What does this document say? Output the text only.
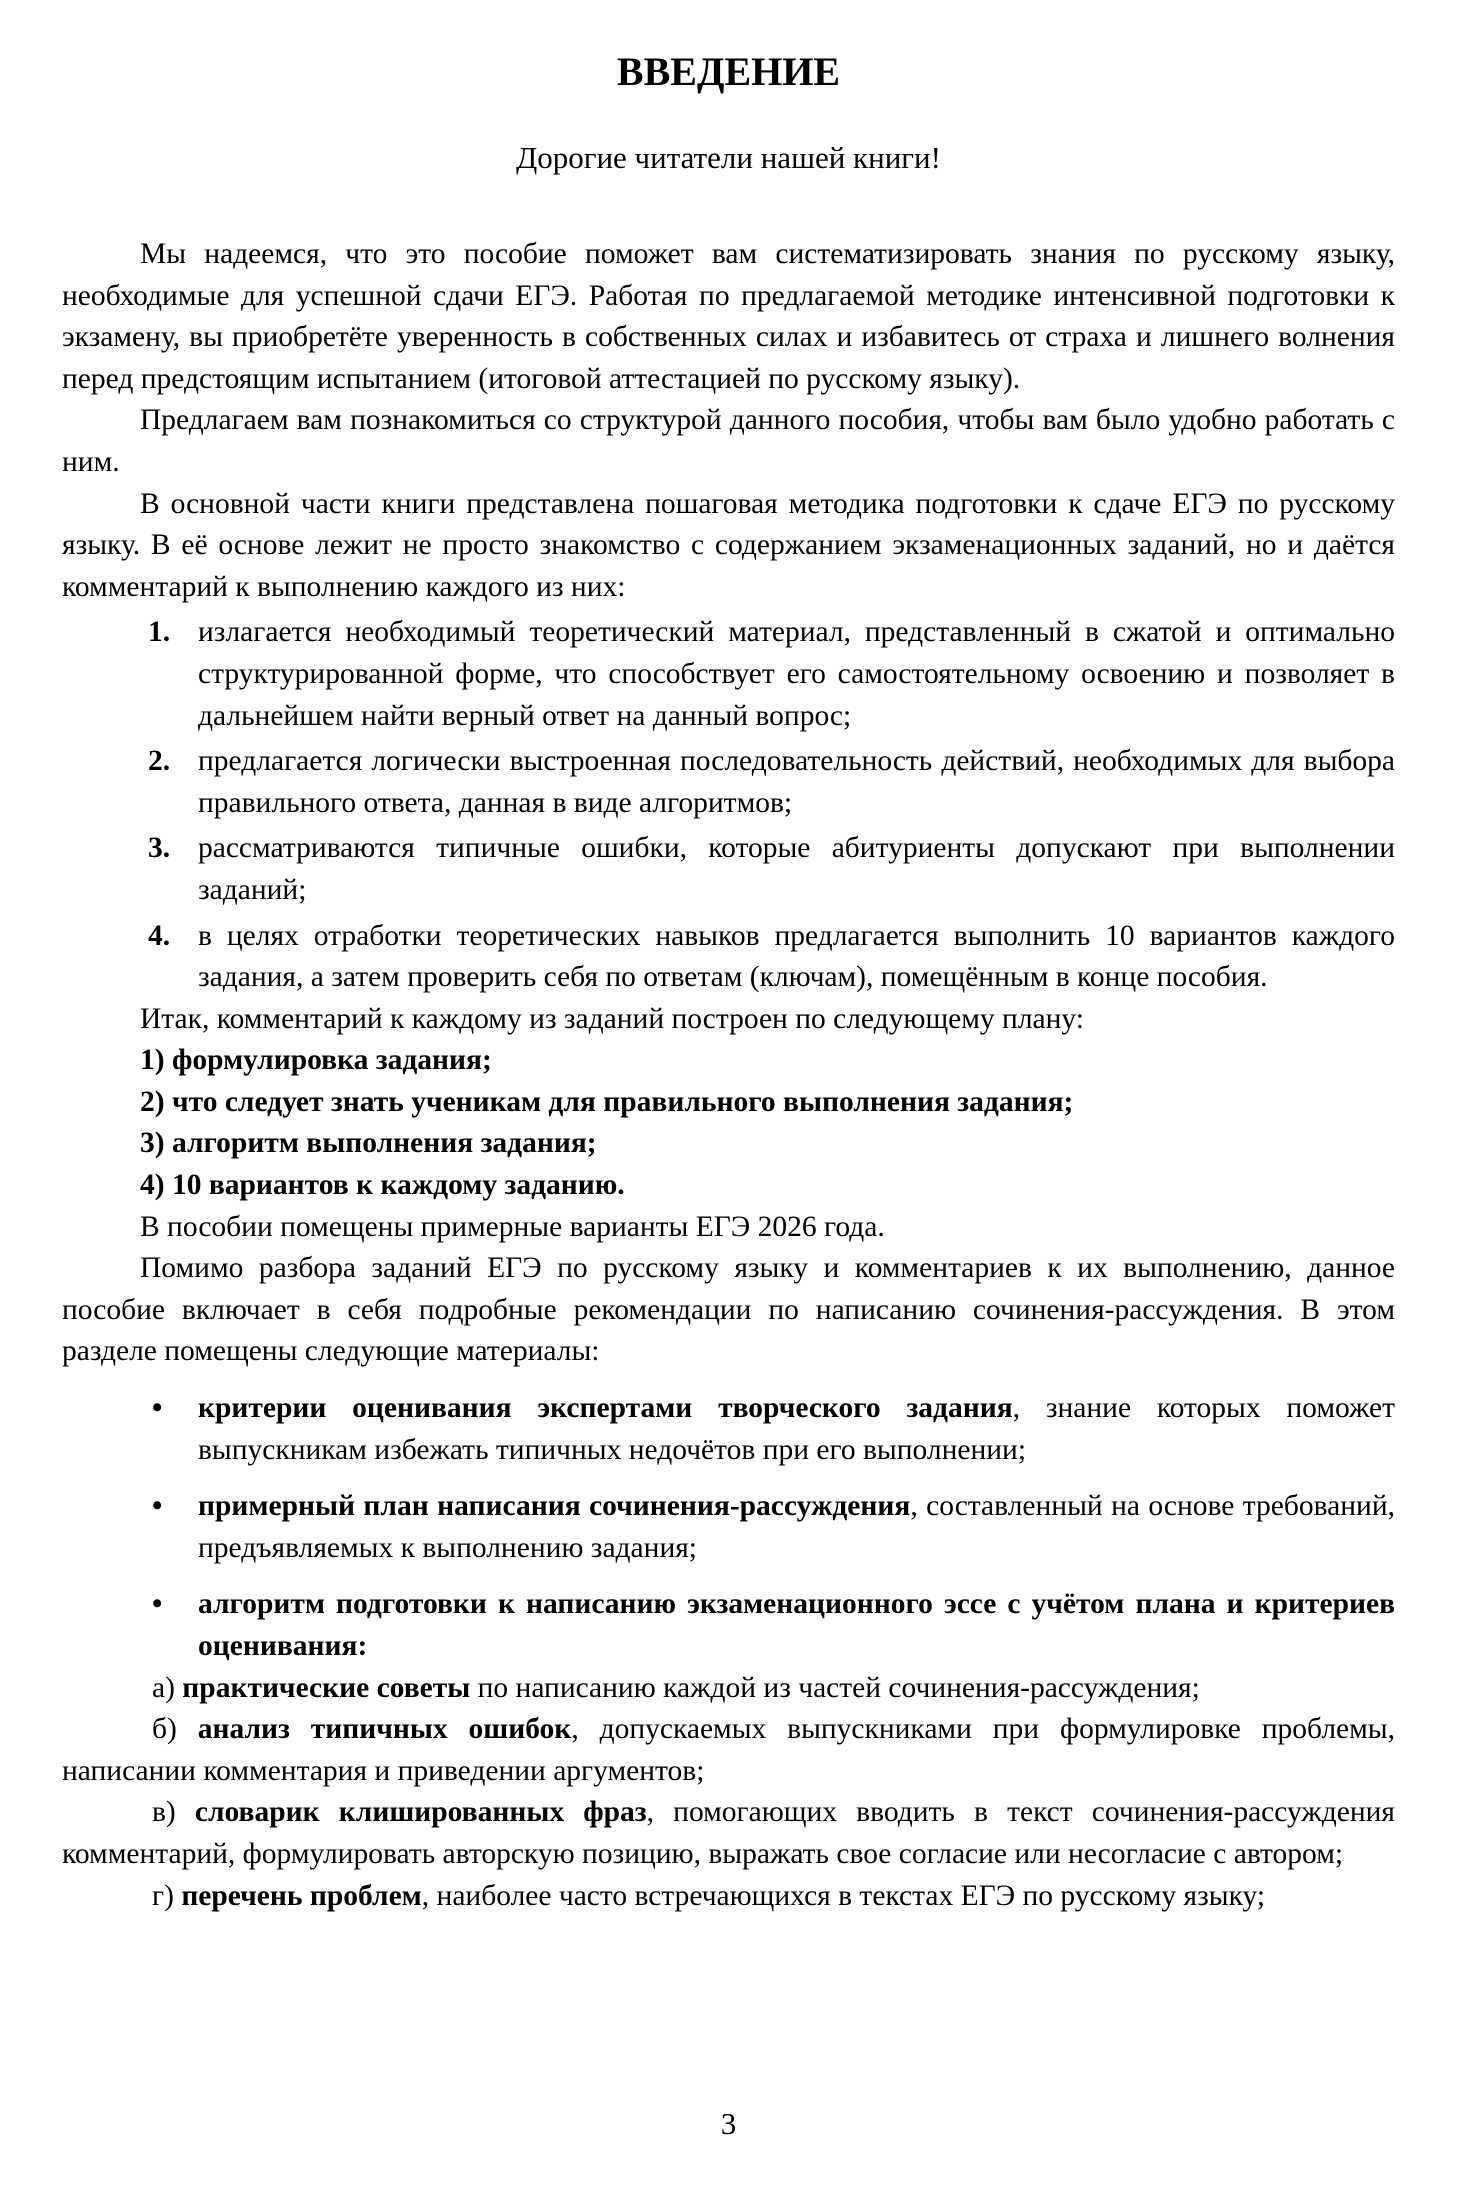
ВВЕДЕНИЕ

Дорогие читатели нашей книги!

Мы надеемся, что это пособие поможет вам систематизировать знания по русскому языку, необходимые для успешной сдачи ЕГЭ. Работая по предлагаемой методике интенсивной подготовки к экзамену, вы приобретёте уверенность в собственных силах и избавитесь от страха и лишнего волнения перед предстоящим испытанием (итоговой аттестацией по русскому языку).

Предлагаем вам познакомиться со структурой данного пособия, чтобы вам было удобно работать с ним.

В основной части книги представлена пошаговая методика подготовки к сдаче ЕГЭ по русскому языку. В её основе лежит не просто знакомство с содержанием экзаменационных заданий, но и даётся комментарий к выполнению каждого из них:

1. излагается необходимый теоретический материал, представленный в сжатой и оптимально структурированной форме, что способствует его самостоятельному освоению и позволяет в дальнейшем найти верный ответ на данный вопрос;

2. предлагается логически выстроенная последовательность действий, необходимых для выбора правильного ответа, данная в виде алгоритмов;

3. рассматриваются типичные ошибки, которые абитуриенты допускают при выполнении заданий;

4. в целях отработки теоретических навыков предлагается выполнить 10 вариантов каждого задания, а затем проверить себя по ответам (ключам), помещённым в конце пособия.

Итак, комментарий к каждому из заданий построен по следующему плану:

1) формулировка задания;

2) что следует знать ученикам для правильного выполнения задания;

3) алгоритм выполнения задания;

4) 10 вариантов к каждому заданию.

В пособии помещены примерные варианты ЕГЭ 2026 года.

Помимо разбора заданий ЕГЭ по русскому языку и комментариев к их выполнению, данное пособие включает в себя подробные рекомендации по написанию сочинения-рассуждения. В этом разделе помещены следующие материалы:

• критерии оценивания экспертами творческого задания, знание которых поможет выпускникам избежать типичных недочётов при его выполнении;

• примерный план написания сочинения-рассуждения, составленный на основе требований, предъявляемых к выполнению задания;

• алгоритм подготовки к написанию экзаменационного эссе с учётом плана и критериев оценивания:

а) практические советы по написанию каждой из частей сочинения-рассуждения;

б) анализ типичных ошибок, допускаемых выпускниками при формулировке проблемы, написании комментария и приведении аргументов;

в) словарик клишированных фраз, помогающих вводить в текст сочинения-рассуждения комментарий, формулировать авторскую позицию, выражать свое согласие или несогласие с автором;

г) перечень проблем, наиболее часто встречающихся в текстах ЕГЭ по русскому языку;

3
